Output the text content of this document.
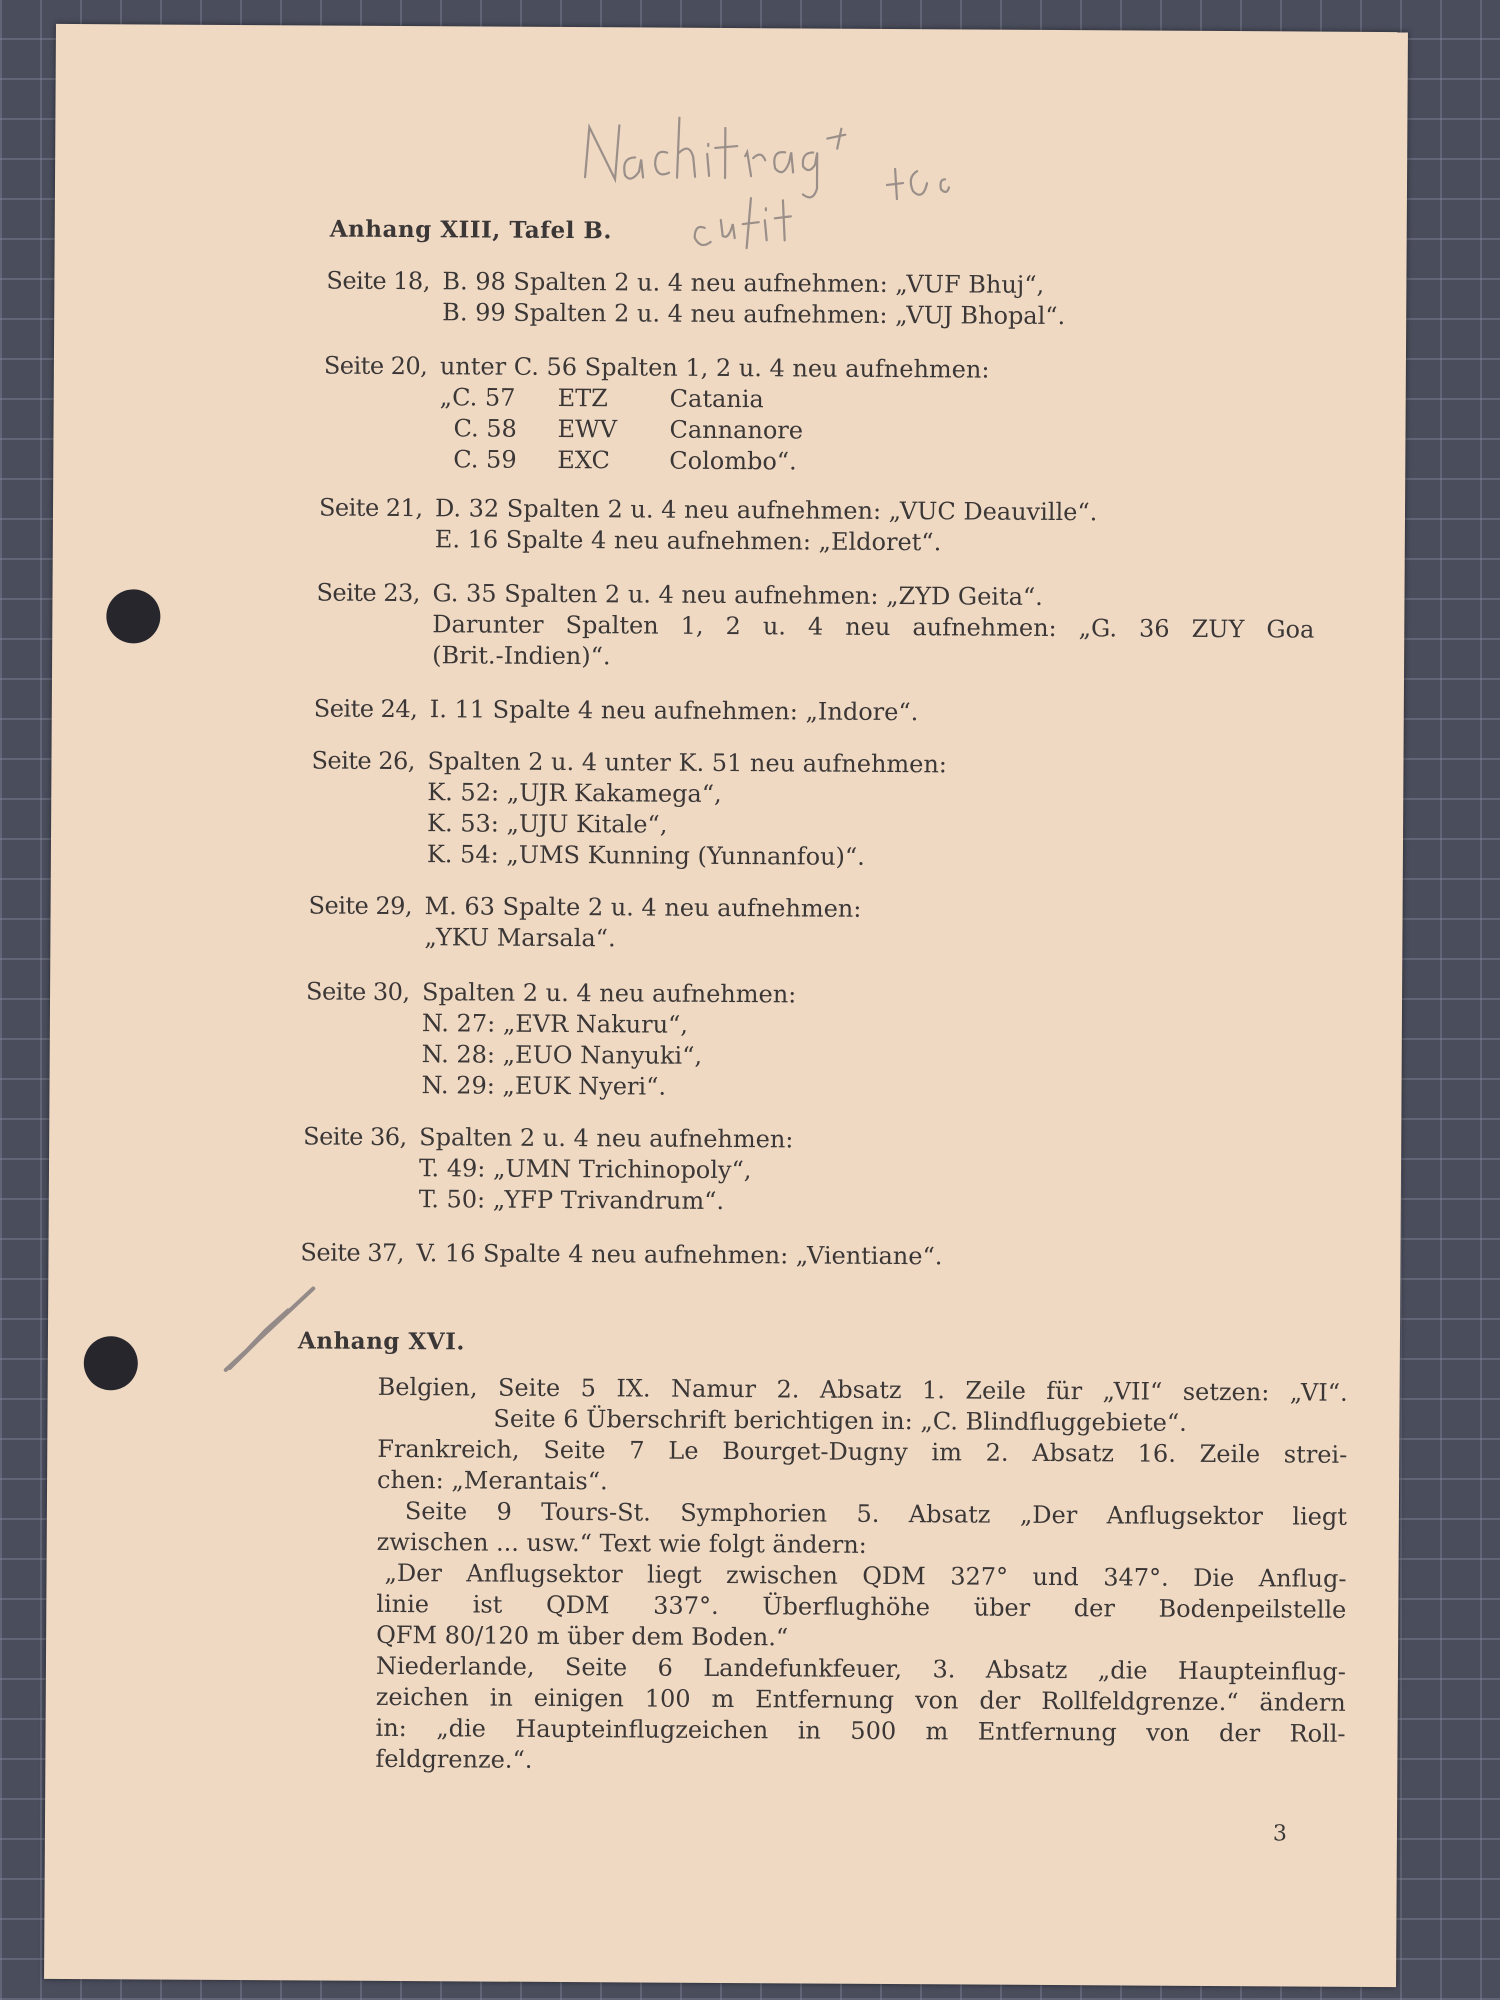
Anhang XIII, Tafel B.
Seite 18, B. 98 Spalten 2 u. 4 neu aufnehmen: „VUF Bhuj“,
B. 99 Spalten 2 u. 4 neu aufnehmen: „VUJ Bhopal“.
Seite 20, unter C. 56 Spalten 1, 2 u. 4 neu aufnehmen:
„C. 57 ETZ	Catania
C. 58 EWV Cannanore
C. 59 EXC Colombo“.
Seite 21, D. 32 Spalten 2 u. 4 neu aufnehmen: „VUC Deauville“.
E. 16 Spalte 4 neu aufnehmen: „Eldoret“.
Seite 23, G. 35 Spalten 2 u. 4 neu aufnehmen: „ZYD Geita“.
Darunter Spalten 1, 2 u. 4 neu aufnehmen: „G. 36 ZUY Goa
(Brit.-Indien)“.
Seite 24, I. 11 Spalte 4 neu aufnehmen: „Indore“.
Seite 26, Spalten 2 u. 4 unter K. 51 neu aufnehmen:
K. 52: „UJR Kakamega“,
K. 53: „UJU Kitale“,
K. 54: „UMS Kunning (Yunnanfou)“.
Seite 29, M. 63 Spalte 2 u. 4 neu aufnehmen:
„YKU Marsala“.
Seite 30, Spalten 2 u. 4 neu aufnehmen:
N. 27: „EVR Nakuru“,
N. 28: „EUO Nanyuki“,
N. 29: „EUK Nyeri“.
Seite 36, Spalten 2 u. 4 neu aufnehmen:
T. 49: „UMN Trichinopoly“,
T. 50: „YFP Trivandrum“.
Seite 37, V. 16 Spalte 4 neu aufnehmen: „Vientiane“.
Anhang XVI.
Belgien, Seite 5 IX. Namur 2. Absatz 1. Zeile für „VII“ setzen: „VI“.
Seite 6 Überschrift berichtigen in: „C. Blindfluggebiete“.
Frankreich, Seite 7 Le Bourget-Dugny im 2. Absatz 16. Zeile strei-
chen: „Merantais“.
Seite 9 Tours-St. Symphorien 5. Absatz „Der Anflugsektor liegt
zwischen ... usw.“ Text wie folgt ändern:
„Der Anflugsektor liegt zwischen QDM 327° und 347°. Die Anflug-
linie ist QDM 337°. Überflughöhe über der Bodenpeilstelle
QFM 80/120 m über dem Boden.“
Niederlande, Seite 6 Landefunkfeuer, 3. Absatz „die Haupteinflug-
zeichen in einigen 100 m Entfernung von der Rollfeldgrenze.“ ändern
in: „die Haupteinflugzeichen in 500 m Entfernung von der Roll-
feldgrenze.“.
3
